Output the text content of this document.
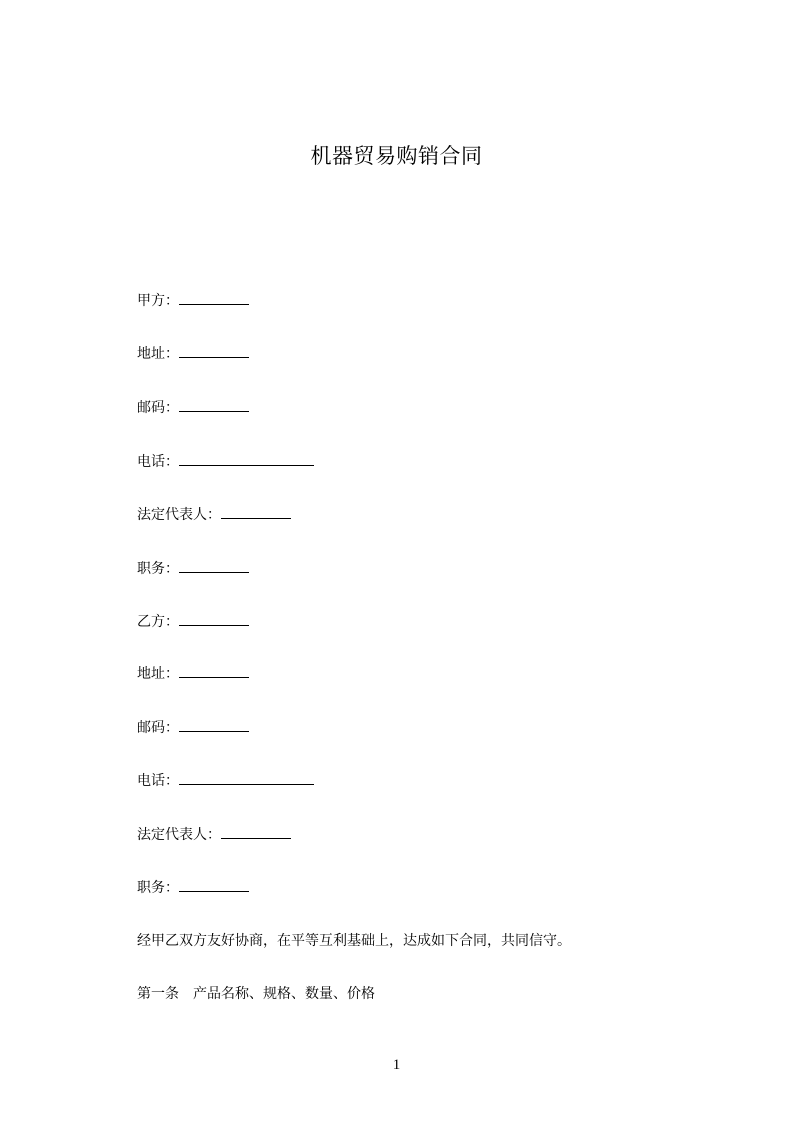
机器贸易购销合同
甲方：
地址：
邮码：
电话：
法定代表人：
职务：
乙方：
地址：
邮码：
电话：
法定代表人：
职务：
经甲乙双方友好协商，在平等互利基础上，达成如下合同，共同信守。
第一条 产品名称、规格、数量、价格
1
